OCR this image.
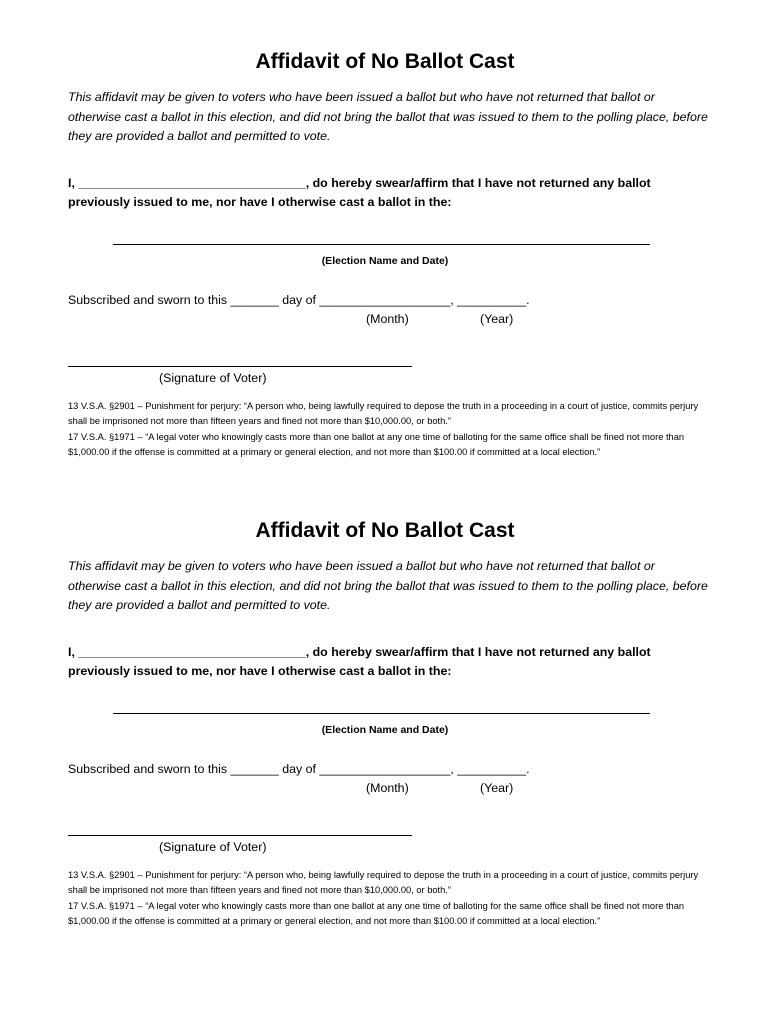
Affidavit of No Ballot Cast
This affidavit may be given to voters who have been issued a ballot but who have not returned that ballot or otherwise cast a ballot in this election, and did not bring the ballot that was issued to them to the polling place, before they are provided a ballot and permitted to vote.
I, _________________________________, do hereby swear/affirm that I have not returned any ballot previously issued to me, nor have I otherwise cast a ballot in the:
(Election Name and Date)
Subscribed and sworn to this _______ day of ___________________, __________.
(Month)	(Year)
(Signature of Voter)

13 V.S.A. §2901 – Punishment for perjury: “A person who, being lawfully required to depose the truth in a proceeding in a court of justice, commits perjury shall be imprisoned not more than fifteen years and fined not more than $10,000.00, or both.”

17 V.S.A. §1971 – “A legal voter who knowingly casts more than one ballot at any one time of balloting for the same office shall be fined not more than $1,000.00 if the offense is committed at a primary or general election, and not more than $100.00 if committed at a local election.”

Affidavit of No Ballot Cast
This affidavit may be given to voters who have been issued a ballot but who have not returned that ballot or otherwise cast a ballot in this election, and did not bring the ballot that was issued to them to the polling place, before they are provided a ballot and permitted to vote.
I, _________________________________, do hereby swear/affirm that I have not returned any ballot previously issued to me, nor have I otherwise cast a ballot in the:
(Election Name and Date)
Subscribed and sworn to this _______ day of ___________________, __________.
(Month)	(Year)
(Signature of Voter)

13 V.S.A. §2901 – Punishment for perjury: “A person who, being lawfully required to depose the truth in a proceeding in a court of justice, commits perjury shall be imprisoned not more than fifteen years and fined not more than $10,000.00, or both.”

17 V.S.A. §1971 – “A legal voter who knowingly casts more than one ballot at any one time of balloting for the same office shall be fined not more than $1,000.00 if the offense is committed at a primary or general election, and not more than $100.00 if committed at a local election.”
